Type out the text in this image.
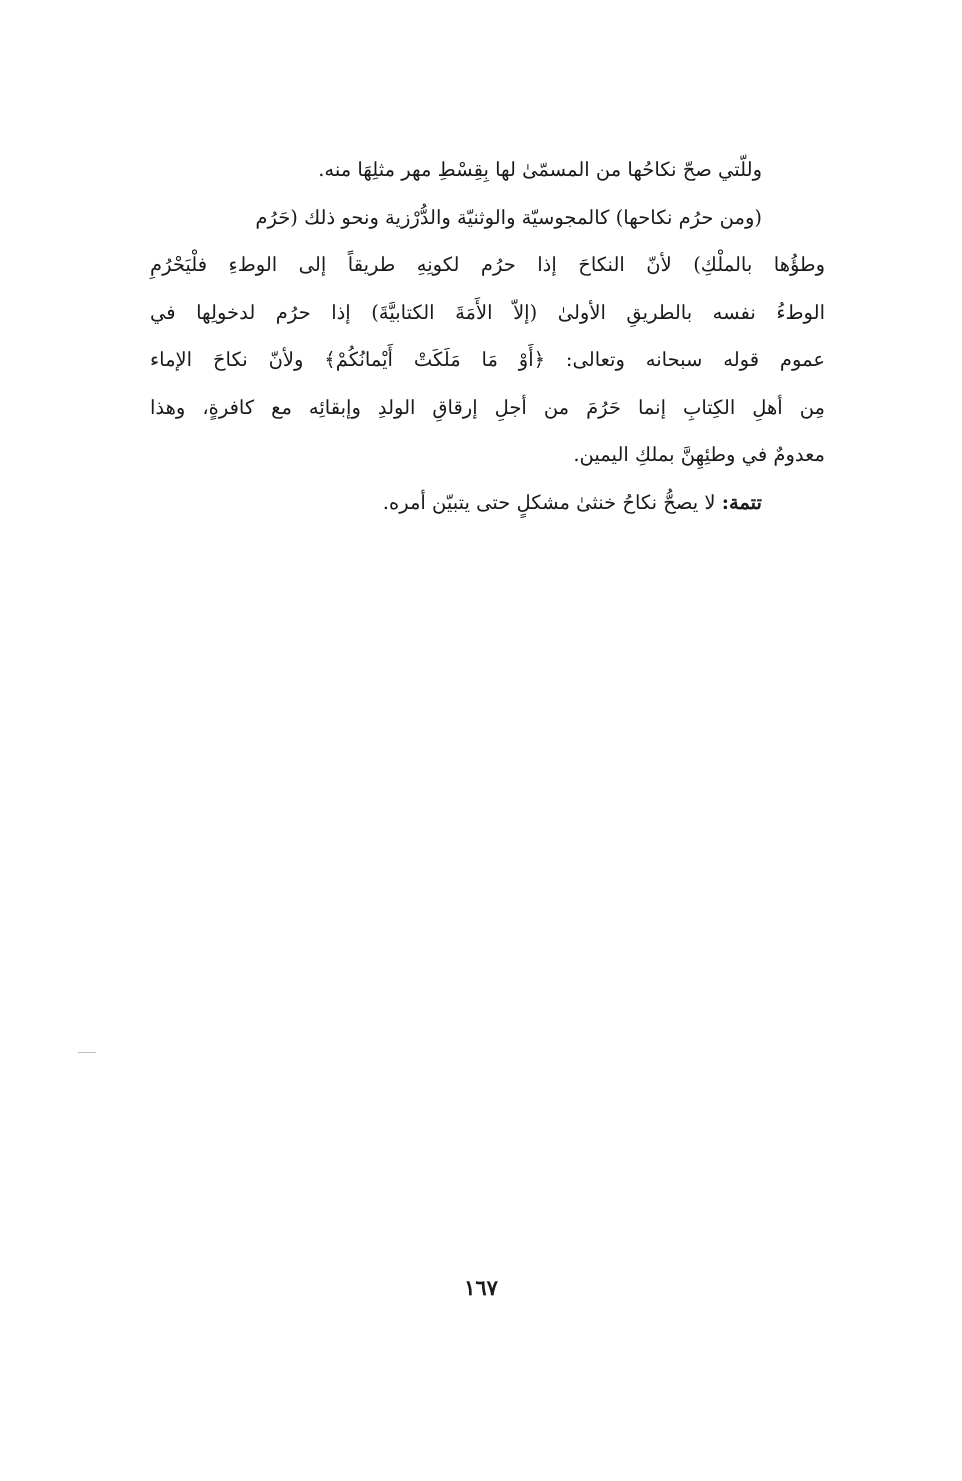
وللّتي صحّ نكاحُها من المسمّىٰ لها بِقِسْطِ مهر مثلِهَا منه.
(ومن حرُم نكاحها) كالمجوسيّة والوثنيّة والدُّرْزية ونحو ذلك (حَرُم
وطؤُها بالملْكِ) لأنّ النكاحَ إذا حرُم لكونِهِ طريقاً إلى الوطءِ فلْيَحْرُمِ
الوطءُ نفسه بالطريقِ الأولىٰ (إلاّ الأَمَةَ الكتابيَّةَ) إذا حرُم لدخولِها في
عموم قوله سبحانه وتعالى: ﴿أَوْ مَا مَلَكَتْ أَيْمانُكُمْ﴾ ولأنّ نكاحَ الإماء
مِن أهلِ الكِتابِ إنما حَرُمَ من أجلِ إرقاقِ الولدِ وإبقائِه مع كافرةٍ، وهذا
معدومٌ في وطئِهِنَّ بملكِ اليمين.
تتمة: لا يصحُّ نكاحُ خنثىٰ مشكلٍ حتى يتبيّن أمره.
١٦٧
